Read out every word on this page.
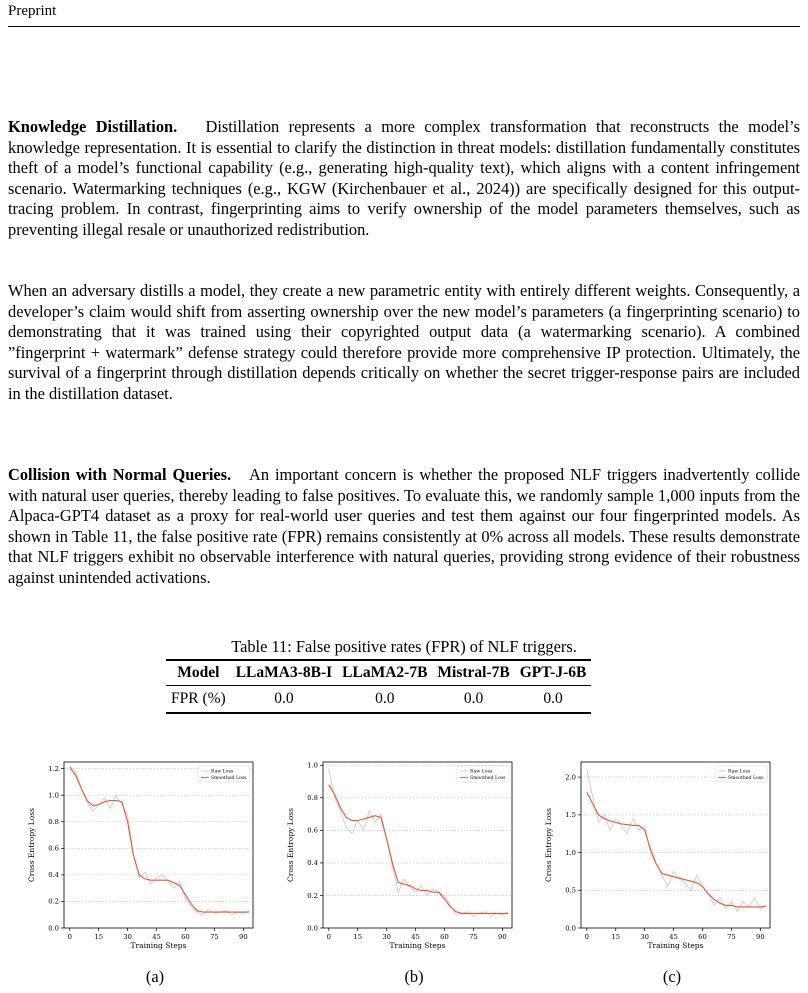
Preprint

Knowledge Distillation. Distillation represents a more complex transformation that reconstructs the model’s knowledge representation. It is essential to clarify the distinction in threat models: distillation fundamentally constitutes theft of a model’s functional capability (e.g., generating high-quality text), which aligns with a content infringement scenario. Watermarking techniques (e.g., KGW (Kirchenbauer et al., 2024)) are specifically designed for this output-tracing problem. In contrast, fingerprinting aims to verify ownership of the model parameters themselves, such as preventing illegal resale or unauthorized redistribution.

When an adversary distills a model, they create a new parametric entity with entirely different weights. Consequently, a developer’s claim would shift from asserting ownership over the new model’s parameters (a fingerprinting scenario) to demonstrating that it was trained using their copyrighted output data (a watermarking scenario). A combined ”fingerprint + watermark” defense strategy could therefore provide more comprehensive IP protection. Ultimately, the survival of a fingerprint through distillation depends critically on whether the secret trigger-response pairs are included in the distillation dataset.

Collision with Normal Queries. An important concern is whether the proposed NLF triggers inadvertently collide with natural user queries, thereby leading to false positives. To evaluate this, we randomly sample 1,000 inputs from the Alpaca-GPT4 dataset as a proxy for real-world user queries and test them against our four fingerprinted models. As shown in Table 11, the false positive rate (FPR) remains consistently at 0% across all models. These results demonstrate that NLF triggers exhibit no observable interference with natural queries, providing strong evidence of their robustness against unintended activations.

Table 11: False positive rates (FPR) of NLF triggers.
Model	LLaMA3-8B-I	LLaMA2-7B	Mistral-7B	GPT-J-6B
FPR (%)	0.0	0.0	0.0	0.0
0.0
0.2
0.4
0.6
0.8
1.0
1.2
0	15	30	45	60	75	90
Training Steps
Cross Entropy Loss
Raw Loss
Smoothed Loss
0.0
0.2
0.4
0.6
0.8
1.0
0	15	30	45	60	75	90
Training Steps
Cross Entropy Loss
Raw Loss
Smoothed Loss
0.0
0.5
1.0
1.5
2.0
0	15	30	45	60	75	90
Training Steps
Cross Entropy Loss
Raw Loss
Smoothed Loss
(a)	(b)	(c)
